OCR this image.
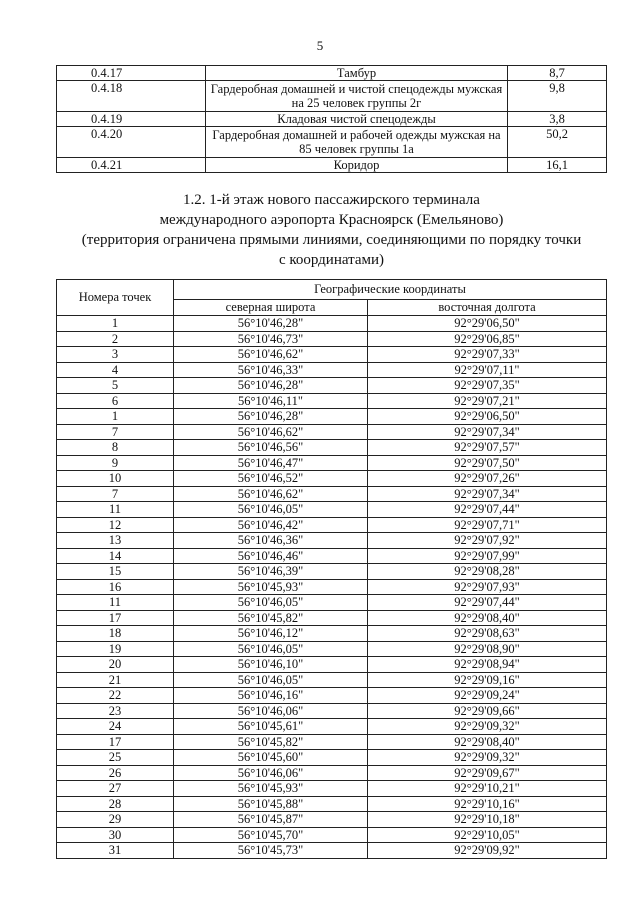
5
0.4.17	Тамбур	8,7
0.4.18	Гардеробная домашней и чистой спецодежды мужская на 25 человек группы 2г	9,8
0.4.19	Кладовая чистой спецодежды	3,8
0.4.20	Гардеробная домашней и рабочей одежды мужская на 85 человек группы 1а	50,2
0.4.21	Коридор	16,1

1.2. 1-й этаж нового пассажирского терминала

международного аэропорта Красноярск (Емельяново)

(территория ограничена прямыми линиями, соединяющими по порядку точки

с координатами)

Номера точек	Географические координаты	
	северная широта	восточная долгота
1	56°10'46,28"	92°29'06,50"
2	56°10'46,73"	92°29'06,85"
3	56°10'46,62"	92°29'07,33"
4	56°10'46,33"	92°29'07,11"
5	56°10'46,28"	92°29'07,35"
6	56°10'46,11"	92°29'07,21"
1	56°10'46,28"	92°29'06,50"
7	56°10'46,62"	92°29'07,34"
8	56°10'46,56"	92°29'07,57"
9	56°10'46,47"	92°29'07,50"
10	56°10'46,52"	92°29'07,26"
7	56°10'46,62"	92°29'07,34"
11	56°10'46,05"	92°29'07,44"
12	56°10'46,42"	92°29'07,71"
13	56°10'46,36"	92°29'07,92"
14	56°10'46,46"	92°29'07,99"
15	56°10'46,39"	92°29'08,28"
16	56°10'45,93"	92°29'07,93"
11	56°10'46,05"	92°29'07,44"
17	56°10'45,82"	92°29'08,40"
18	56°10'46,12"	92°29'08,63"
19	56°10'46,05"	92°29'08,90"
20	56°10'46,10"	92°29'08,94"
21	56°10'46,05"	92°29'09,16"
22	56°10'46,16"	92°29'09,24"
23	56°10'46,06"	92°29'09,66"
24	56°10'45,61"	92°29'09,32"
17	56°10'45,82"	92°29'08,40"
25	56°10'45,60"	92°29'09,32"
26	56°10'46,06"	92°29'09,67"
27	56°10'45,93"	92°29'10,21"
28	56°10'45,88"	92°29'10,16"
29	56°10'45,87"	92°29'10,18"
30	56°10'45,70"	92°29'10,05"
31	56°10'45,73"	92°29'09,92"
